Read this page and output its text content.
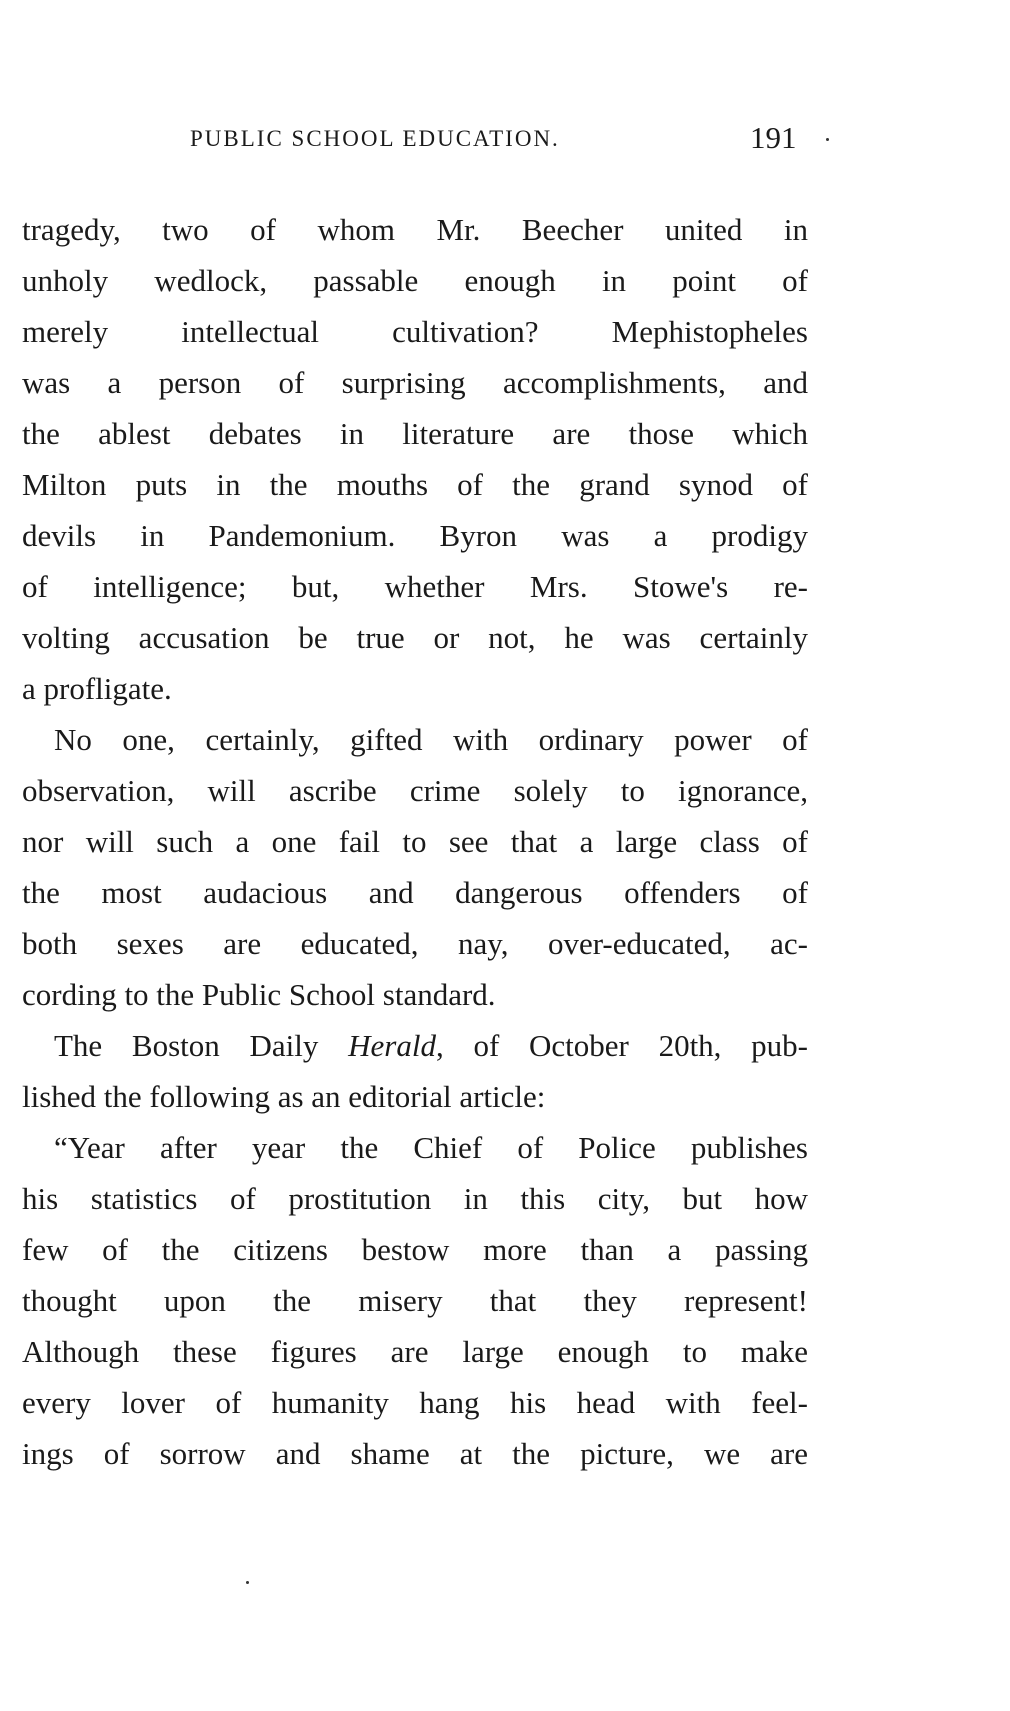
PUBLIC SCHOOL EDUCATION.	191
tragedy, two of whom Mr. Beecher united in
unholy wedlock, passable enough in point of
merely intellectual cultivation? Mephistopheles
was a person of surprising accomplishments, and
the ablest debates in literature are those which
Milton puts in the mouths of the grand synod of
devils in Pandemonium. Byron was a prodigy
of intelligence; but, whether Mrs. Stowe's re-
volting accusation be true or not, he was certainly
a profligate.
No one, certainly, gifted with ordinary power of
observation, will ascribe crime solely to ignorance,
nor will such a one fail to see that a large class of
the most audacious and dangerous offenders of
both sexes are educated, nay, over-educated, ac-
cording to the Public School standard.
The Boston Daily Herald, of October 20th, pub-
lished the following as an editorial article:
“Year after year the Chief of Police publishes
his statistics of prostitution in this city, but how
few of the citizens bestow more than a passing
thought upon the misery that they represent!
Although these figures are large enough to make
every lover of humanity hang his head with feel-
ings of sorrow and shame at the picture, we are
